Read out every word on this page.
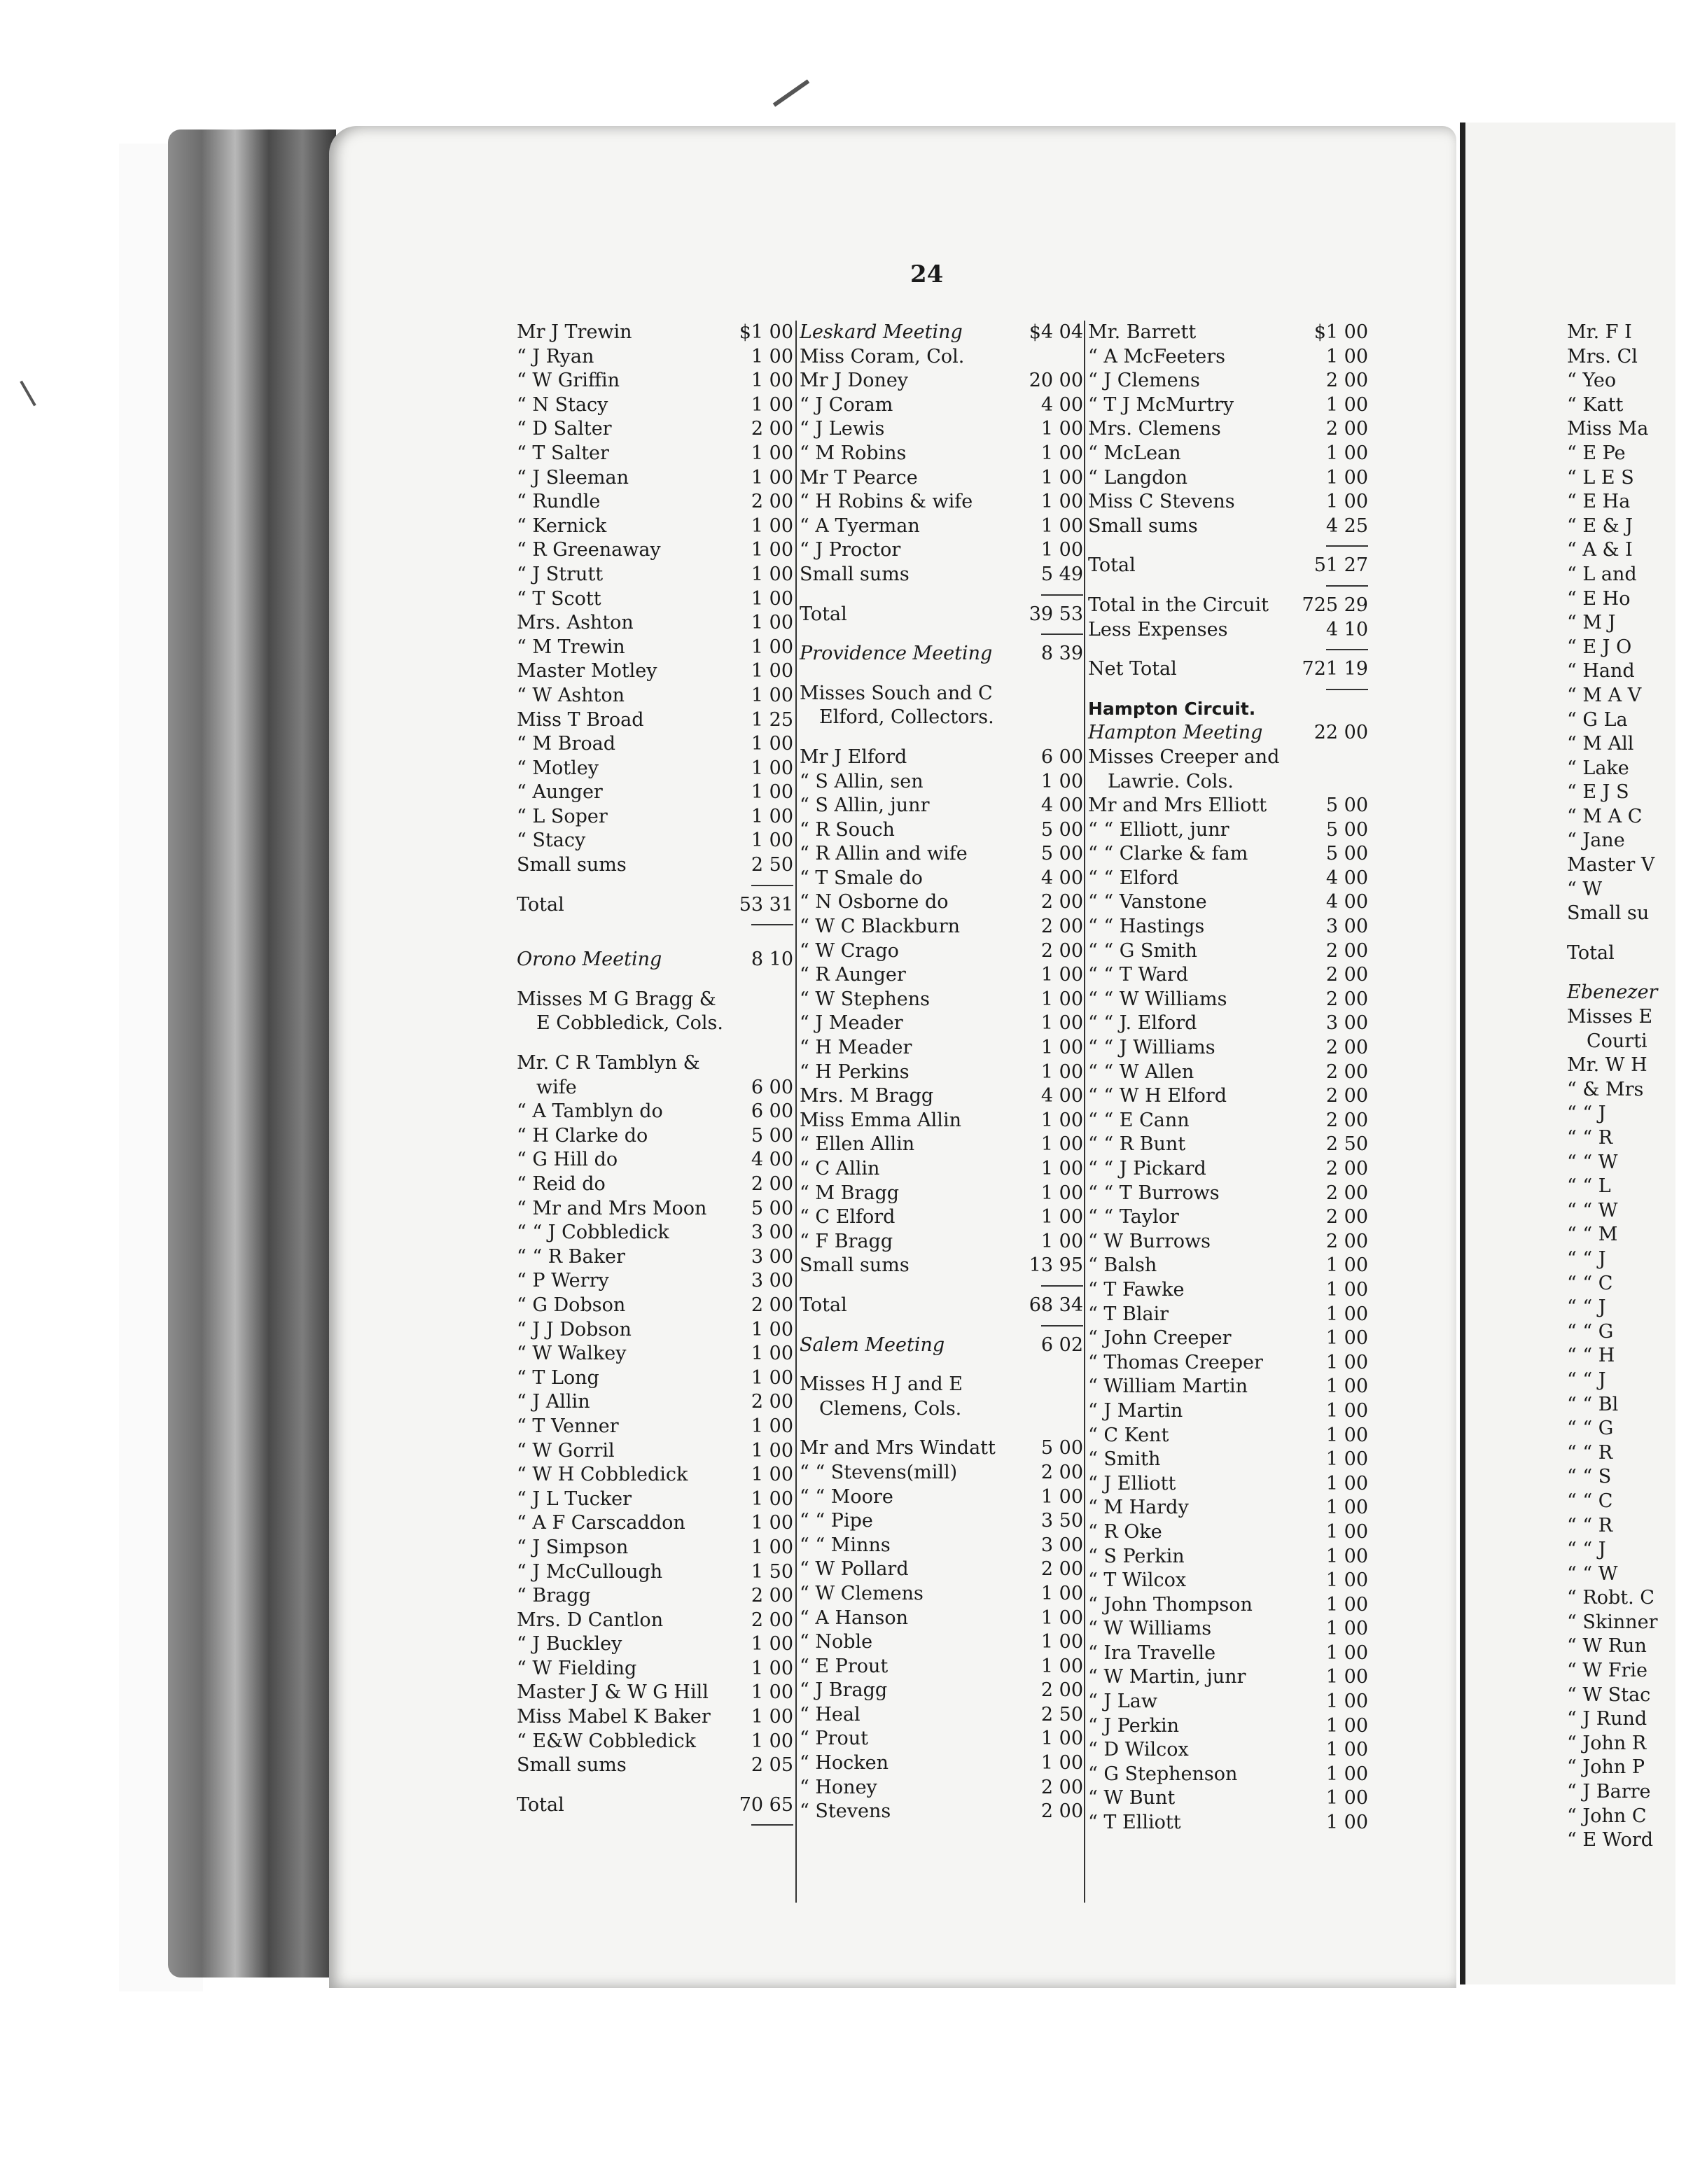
24
Mr J Trewin	$1 00
“ J Ryan	1 00
“ W Griffin	1 00
“ N Stacy	1 00
“ D Salter	2 00
“ T Salter	1 00
“ J Sleeman	1 00
“ Rundle	2 00
“ Kernick	1 00
“ R Greenaway	1 00
“ J Strutt	1 00
“ T Scott	1 00
Mrs. Ashton	1 00
“ M Trewin	1 00
Master Motley	1 00
“ W Ashton	1 00
Miss T Broad	1 25
“ M Broad	1 00
“ Motley	1 00
“ Aunger	1 00
“ L Soper	1 00
“ Stacy	1 00
Small sums	2 50
Total	53 31
Orono Meeting	8 10
Misses M G Bragg &
E Cobbledick, Cols.
Mr. C R Tamblyn &
wife	6 00
“ A Tamblyn do	6 00
“ H Clarke do	5 00
“ G Hill do	4 00
“ Reid do	2 00
“ Mr and Mrs Moon	5 00
“ “ J Cobbledick	3 00
“ “ R Baker	3 00
“ P Werry	3 00
“ G Dobson	2 00
“ J J Dobson	1 00
“ W Walkey	1 00
“ T Long	1 00
“ J Allin	2 00
“ T Venner	1 00
“ W Gorril	1 00
“ W H Cobbledick	1 00
“ J L Tucker	1 00
“ A F Carscaddon	1 00
“ J Simpson	1 00
“ J McCullough	1 50
“ Bragg	2 00
Mrs. D Cantlon	2 00
“ J Buckley	1 00
“ W Fielding	1 00
Master J & W G Hill	1 00
Miss Mabel K Baker	1 00
“ E&W Cobbledick	1 00
Small sums	2 05
Total	70 65
Leskard Meeting	$4 04
Miss Coram, Col.
Mr J Doney	20 00
“ J Coram	4 00
“ J Lewis	1 00
“ M Robins	1 00
Mr T Pearce	1 00
“ H Robins & wife	1 00
“ A Tyerman	1 00
“ J Proctor	1 00
Small sums	5 49
Total	39 53
Providence Meeting	8 39
Misses Souch and C
Elford, Collectors.
Mr J Elford	6 00
“ S Allin, sen	1 00
“ S Allin, junr	4 00
“ R Souch	5 00
“ R Allin and wife	5 00
“ T Smale do	4 00
“ N Osborne do	2 00
“ W C Blackburn	2 00
“ W Crago	2 00
“ R Aunger	1 00
“ W Stephens	1 00
“ J Meader	1 00
“ H Meader	1 00
“ H Perkins	1 00
Mrs. M Bragg	4 00
Miss Emma Allin	1 00
“ Ellen Allin	1 00
“ C Allin	1 00
“ M Bragg	1 00
“ C Elford	1 00
“ F Bragg	1 00
Small sums	13 95
Total	68 34
Salem Meeting	6 02
Misses H J and E
Clemens, Cols.
Mr and Mrs Windatt	5 00
“ “ Stevens(mill)	2 00
“ “ Moore	1 00
“ “ Pipe	3 50
“ “ Minns	3 00
“ W Pollard	2 00
“ W Clemens	1 00
“ A Hanson	1 00
“ Noble	1 00
“ E Prout	1 00
“ J Bragg	2 00
“ Heal	2 50
“ Prout	1 00
“ Hocken	1 00
“ Honey	2 00
“ Stevens	2 00
Mr. Barrett	$1 00
“ A McFeeters	1 00
“ J Clemens	2 00
“ T J McMurtry	1 00
Mrs. Clemens	2 00
“ McLean	1 00
“ Langdon	1 00
Miss C Stevens	1 00
Small sums	4 25
Total	51 27
Total in the Circuit	725 29
Less Expenses	4 10
Net Total	721 19
Hampton Circuit.
Hampton Meeting	22 00
Misses Creeper and
Lawrie. Cols.
Mr and Mrs Elliott	5 00
“ “ Elliott, junr	5 00
“ “ Clarke & fam	5 00
“ “ Elford	4 00
“ “ Vanstone	4 00
“ “ Hastings	3 00
“ “ G Smith	2 00
“ “ T Ward	2 00
“ “ W Williams	2 00
“ “ J. Elford	3 00
“ “ J Williams	2 00
“ “ W Allen	2 00
“ “ W H Elford	2 00
“ “ E Cann	2 00
“ “ R Bunt	2 50
“ “ J Pickard	2 00
“ “ T Burrows	2 00
“ “ Taylor	2 00
“ W Burrows	2 00
“ Balsh	1 00
“ T Fawke	1 00
“ T Blair	1 00
“ John Creeper	1 00
“ Thomas Creeper	1 00
“ William Martin	1 00
“ J Martin	1 00
“ C Kent	1 00
“ Smith	1 00
“ J Elliott	1 00
“ M Hardy	1 00
“ R Oke	1 00
“ S Perkin	1 00
“ T Wilcox	1 00
“ John Thompson	1 00
“ W Williams	1 00
“ Ira Travelle	1 00
“ W Martin, junr	1 00
“ J Law	1 00
“ J Perkin	1 00
“ D Wilcox	1 00
“ G Stephenson	1 00
“ W Bunt	1 00
“ T Elliott	1 00
Mr. F I
Mrs. Cl
“ Yeo
“ Katt
Miss Ma
“ E Pe
“ L E S
“ E Ha
“ E & J
“ A & I
“ L and
“ E Ho
“ M J
“ E J O
“ Hand
“ M A V
“ G La
“ M All
“ Lake
“ E J S
“ M A C
“ Jane
Master V
“ W
Small su
Total
Ebenezer
Misses E
Courti
Mr. W H
“ & Mrs
“ “ J
“ “ R
“ “ W
“ “ L
“ “ W
“ “ M
“ “ J
“ “ C
“ “ J
“ “ G
“ “ H
“ “ J
“ “ Bl
“ “ G
“ “ R
“ “ S
“ “ C
“ “ R
“ “ J
“ “ W
“ Robt. C
“ Skinner
“ W Run
“ W Frie
“ W Stac
“ J Rund
“ John R
“ John P
“ J Barre
“ John C
“ E Word
